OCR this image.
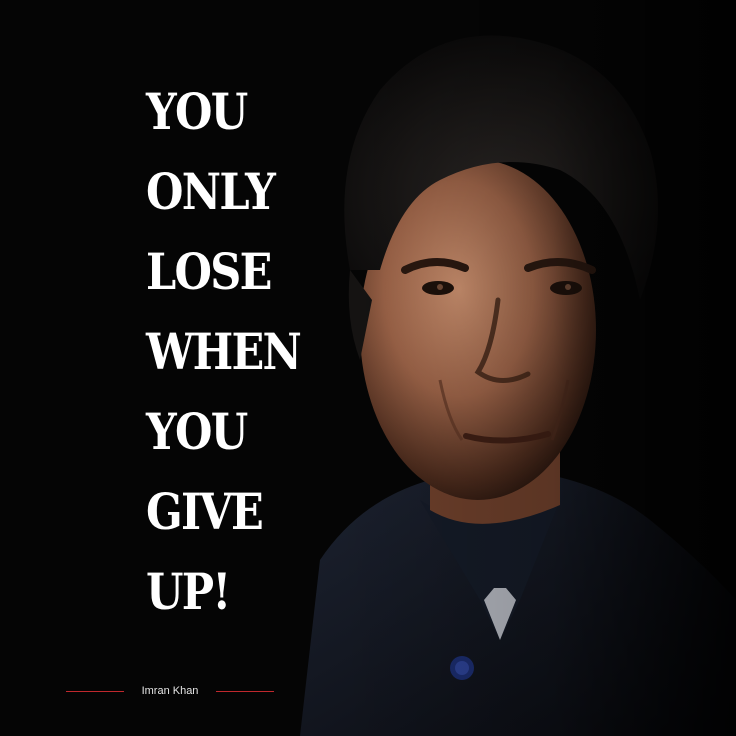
YOU
ONLY
LOSE
WHEN
YOU
GIVE
UP!
Imran Khan
